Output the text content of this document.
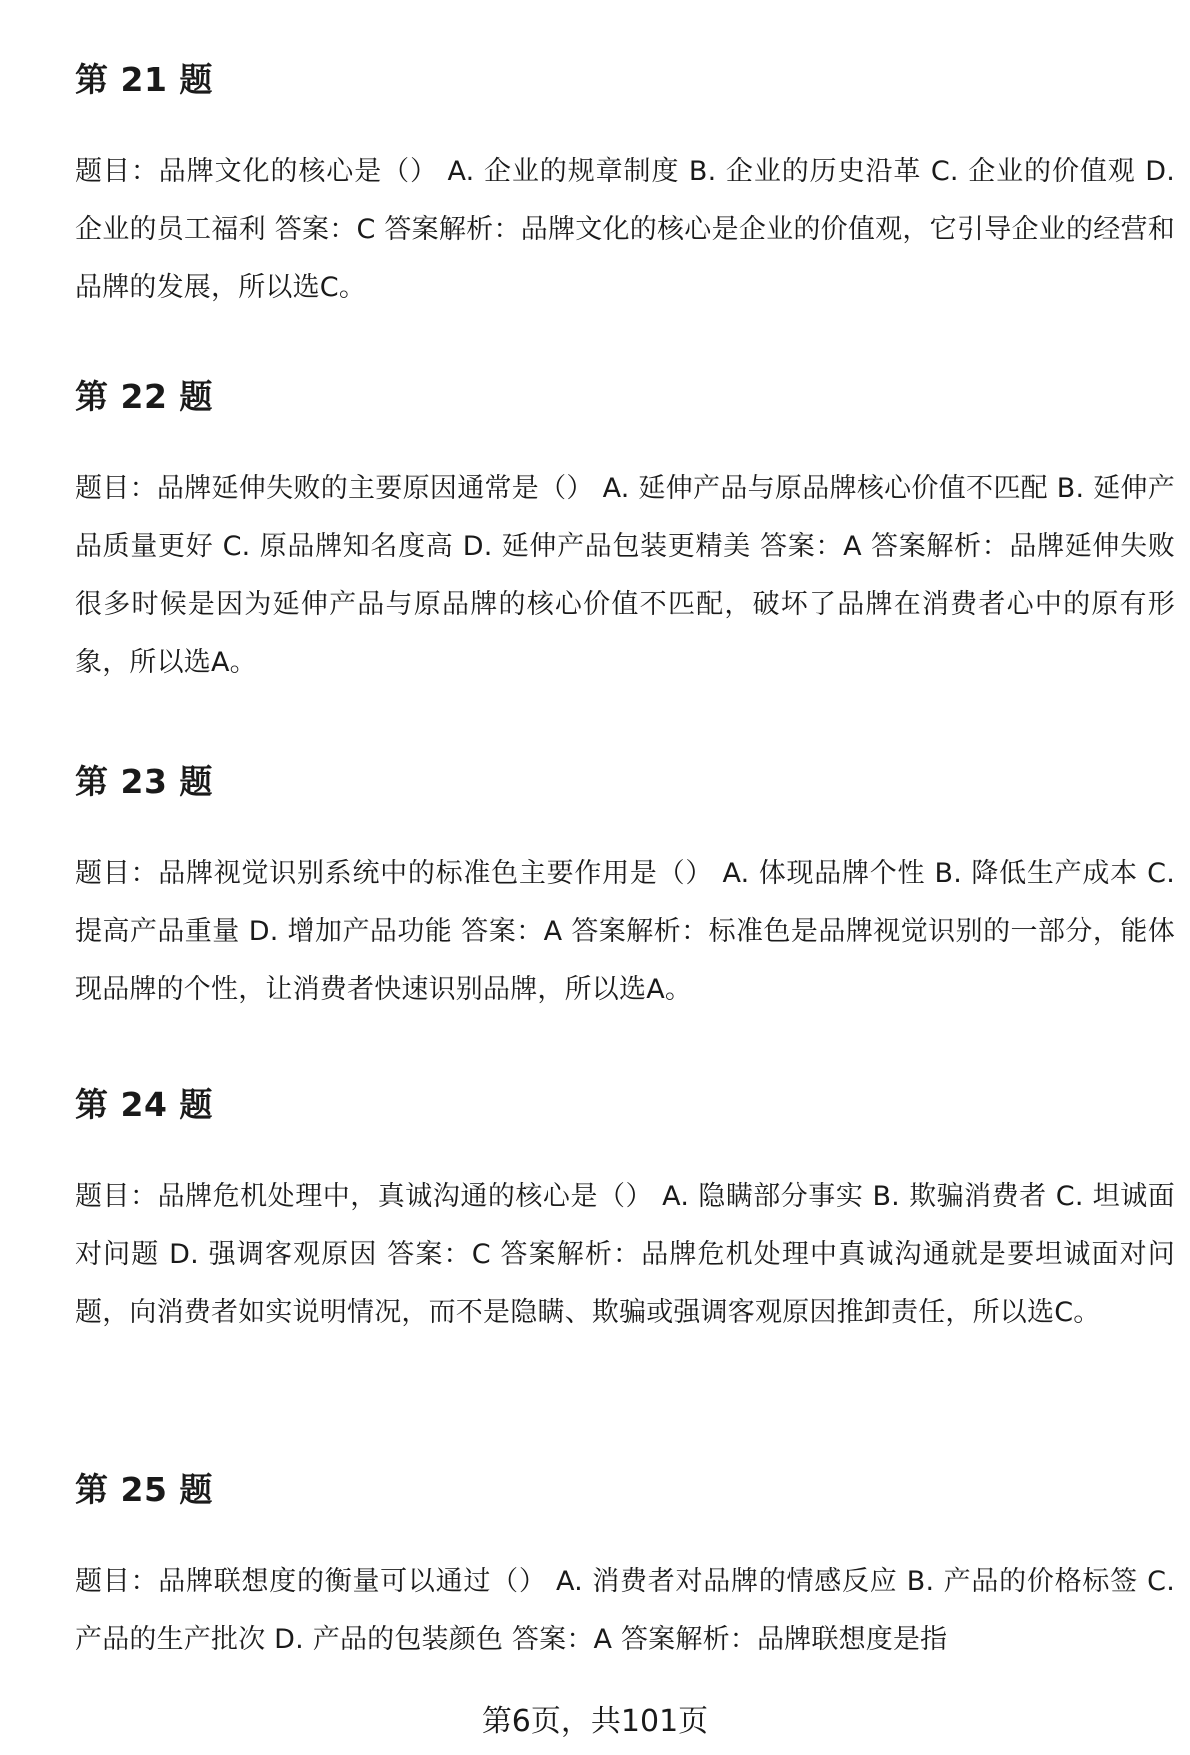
第 21 题

题目：品牌文化的核心是（） A. 企业的规章制度 B. 企业的历史沿革 C. 企业的价值观 D. 企业的员工福利 答案：C 答案解析：品牌文化的核心是企业的价值观，它引导企业的经营和品牌的发展，所以选C。

第 22 题

题目：品牌延伸失败的主要原因通常是（） A. 延伸产品与原品牌核心价值不匹配 B. 延伸产品质量更好 C. 原品牌知名度高 D. 延伸产品包装更精美 答案：A 答案解析：品牌延伸失败很多时候是因为延伸产品与原品牌的核心价值不匹配，破坏了品牌在消费者心中的原有形象，所以选A。

第 23 题

题目：品牌视觉识别系统中的标准色主要作用是（） A. 体现品牌个性 B. 降低生产成本 C. 提高产品重量 D. 增加产品功能 答案：A 答案解析：标准色是品牌视觉识别的一部分，能体现品牌的个性，让消费者快速识别品牌，所以选A。

第 24 题

题目：品牌危机处理中，真诚沟通的核心是（） A. 隐瞒部分事实 B. 欺骗消费者 C. 坦诚面对问题 D. 强调客观原因 答案：C 答案解析：品牌危机处理中真诚沟通就是要坦诚面对问题，向消费者如实说明情况，而不是隐瞒、欺骗或强调客观原因推卸责任，所以选C。

第 25 题

题目：品牌联想度的衡量可以通过（） A. 消费者对品牌的情感反应 B. 产品的价格标签 C. 产品的生产批次 D. 产品的包装颜色 答案：A 答案解析：品牌联想度是指

第6页，共101页
